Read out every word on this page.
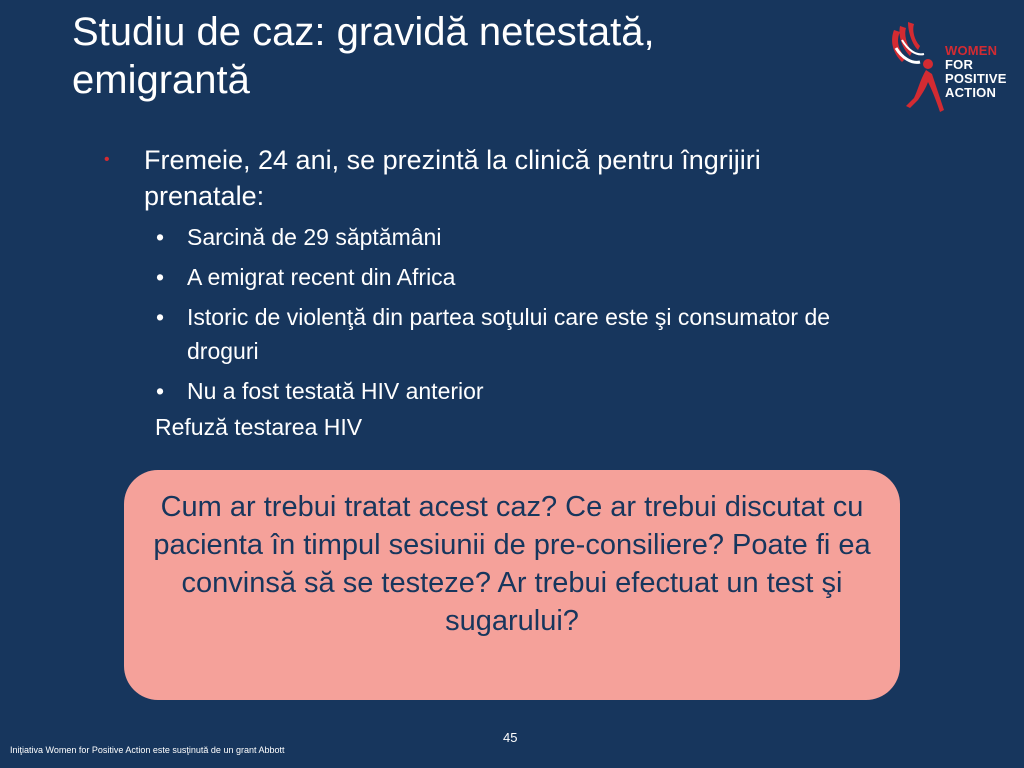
Studiu de caz: gravidă netestată, emigrantă
WOMEN
FOR
POSITIVE
ACTION

• Fremeie, 24 ani, se prezintă la clinică pentru îngrijiri prenatale:

• Sarcină de 29 săptămâni
• A emigrat recent din Africa
• Istoric de violenţă din partea soţului care este şi consumator de droguri
• Nu a fost testată HIV anterior
Refuză testarea HIV

Cum ar trebui tratat acest caz? Ce ar trebui discutat cu pacienta în timpul sesiunii de pre-consiliere? Poate fi ea convinsă să se testeze? Ar trebui efectuat un test şi sugarului?

45
Iniţiativa Women for Positive Action este susţinută de un grant Abbott
